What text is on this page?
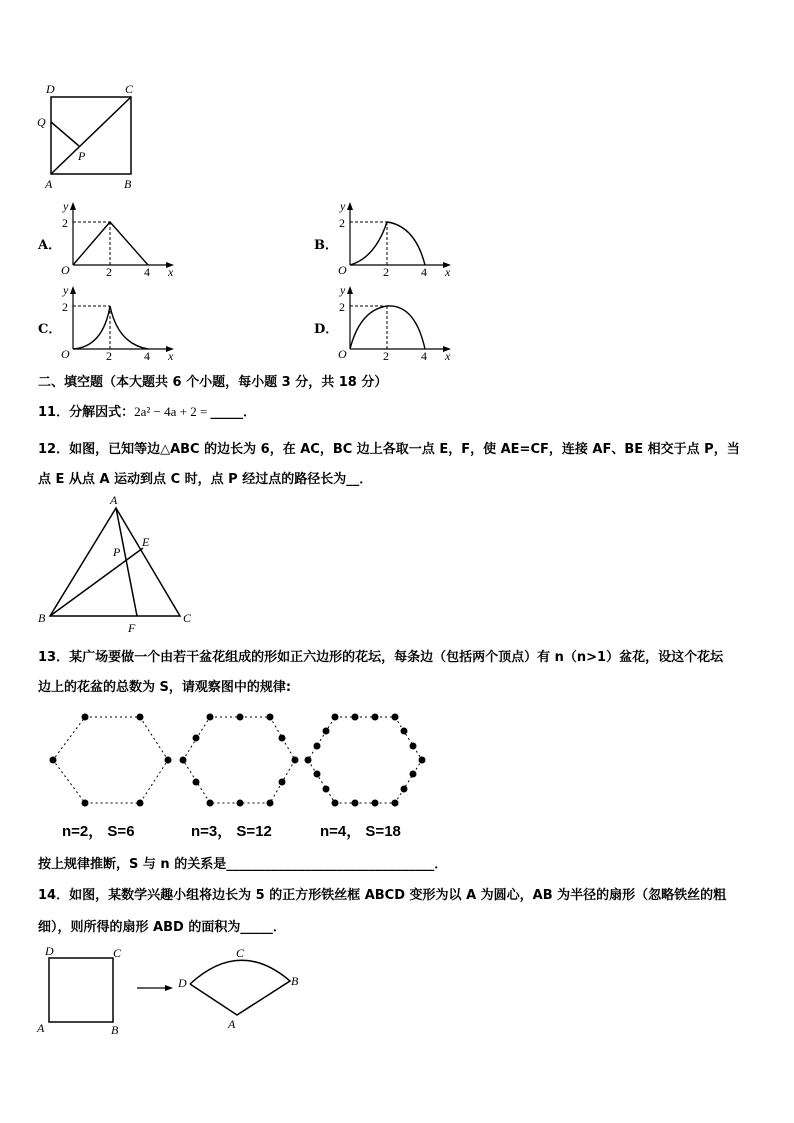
D	C
Q
P
A	B
A．
y
2
O	2	4 x
B．
y
2
O	2	4 x
C．
y
2
O	2	4 x
D．
y
2
O	2	4 x
二、填空题（本大题共 6 个小题，每小题 3 分，共 18 分）
11．分解因式：2a² − 4a + 2 = _____．
12．如图，已知等边△ABC 的边长为 6，在 AC，BC 边上各取一点 E，F，使 AE=CF，连接 AF、BE 相交于点 P，当
点 E 从点 A 运动到点 C 时，点 P 经过点的路径长为__．
A
P
E
B	C
F
13．某广场要做一个由若干盆花组成的形如正六边形的花坛，每条边（包括两个顶点）有 n（n>1）盆花，设这个花坛
边上的花盆的总数为 S，请观察图中的规律:
n=2， S=6	n=3， S=12	n=4， S=18
按上规律推断，S 与 n 的关系是________________________________．
14．如图，某数学兴趣小组将边长为 5 的正方形铁丝框 ABCD 变形为以 A 为圆心，AB 为半径的扇形（忽略铁丝的粗
细），则所得的扇形 ABD 的面积为_____．
D	C
A	B
C
D	B
A
